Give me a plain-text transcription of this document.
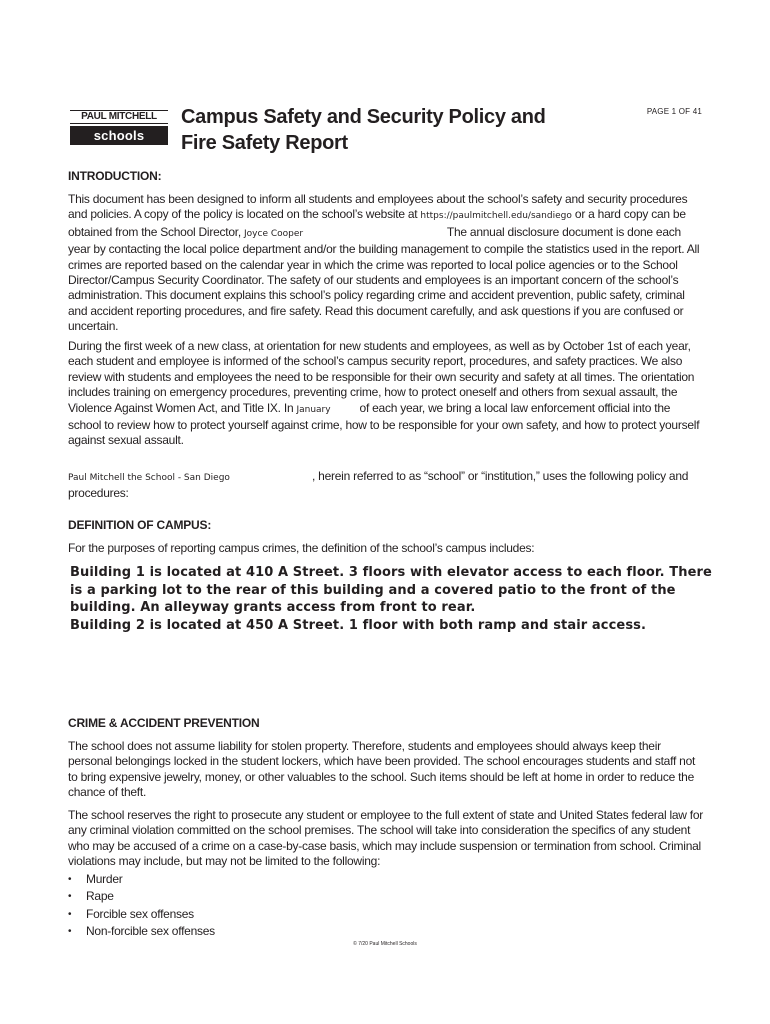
PAUL MITCHELL
schools
Campus Safety and Security Policy and
Fire Safety Report
PAGE 1 OF 41
INTRODUCTION:
This document has been designed to inform all students and employees about the school’s safety and security procedures and policies. A copy of the policy is located on the school’s website at https://paulmitchell.edu/sandiego or a hard copy can be obtained from the School Director, Joyce Cooper	The annual disclosure document is done each year by contacting the local police department and/or the building management to compile the statistics used in the report. All crimes are reported based on the calendar year in which the crime was reported to local police agencies or to the School Director/Campus Security Coordinator. The safety of our students and employees is an important concern of the school’s administration. This document explains this school’s policy regarding crime and accident prevention, public safety, criminal and accident reporting procedures, and fire safety. Read this document carefully, and ask questions if you are confused or uncertain.
During the first week of a new class, at orientation for new students and employees, as well as by October 1st of each year, each student and employee is informed of the school’s campus security report, procedures, and safety practices. We also review with students and employees the need to be responsible for their own security and safety at all times. The orientation includes training on emergency procedures, preventing crime, how to protect oneself and others from sexual assault, the Violence Against Women Act, and Title IX. In January of each year, we bring a local law enforcement official into the school to review how to protect yourself against crime, how to be responsible for your own safety, and how to protect yourself against sexual assault.
Paul Mitchell the School - San Diego	, herein referred to as “school” or “institution,” uses the following policy and procedures:
DEFINITION OF CAMPUS:
For the purposes of reporting campus crimes, the definition of the school’s campus includes:
Building 1 is located at 410 A Street. 3 floors with elevator access to each floor. There is a parking lot to the rear of this building and a covered patio to the front of the building. An alleyway grants access from front to rear.
Building 2 is located at 450 A Street. 1 floor with both ramp and stair access.
CRIME & ACCIDENT PREVENTION
The school does not assume liability for stolen property. Therefore, students and employees should always keep their personal belongings locked in the student lockers, which have been provided. The school encourages students and staff not to bring expensive jewelry, money, or other valuables to the school. Such items should be left at home in order to reduce the chance of theft.
The school reserves the right to prosecute any student or employee to the full extent of state and United States federal law for any criminal violation committed on the school premises. The school will take into consideration the specifics of any student who may be accused of a crime on a case-by-case basis, which may include suspension or termination from school. Criminal violations may include, but may not be limited to the following:
• Murder
• Rape
• Forcible sex offenses
• Non-forcible sex offenses
© 7/20 Paul Mitchell Schools
